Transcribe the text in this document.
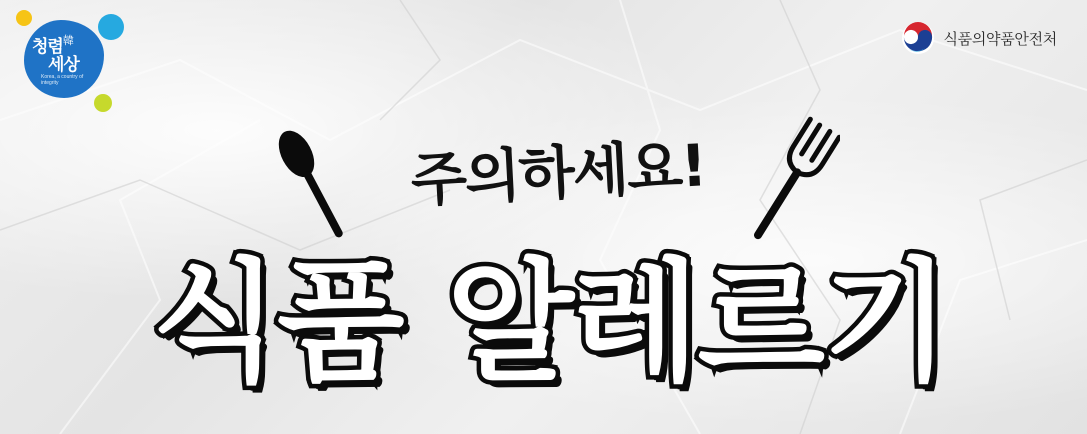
청렴$^韓$
세상
Korea, a country of integrity
식품의약품안전처
주의하세요!
식품 알레르기
